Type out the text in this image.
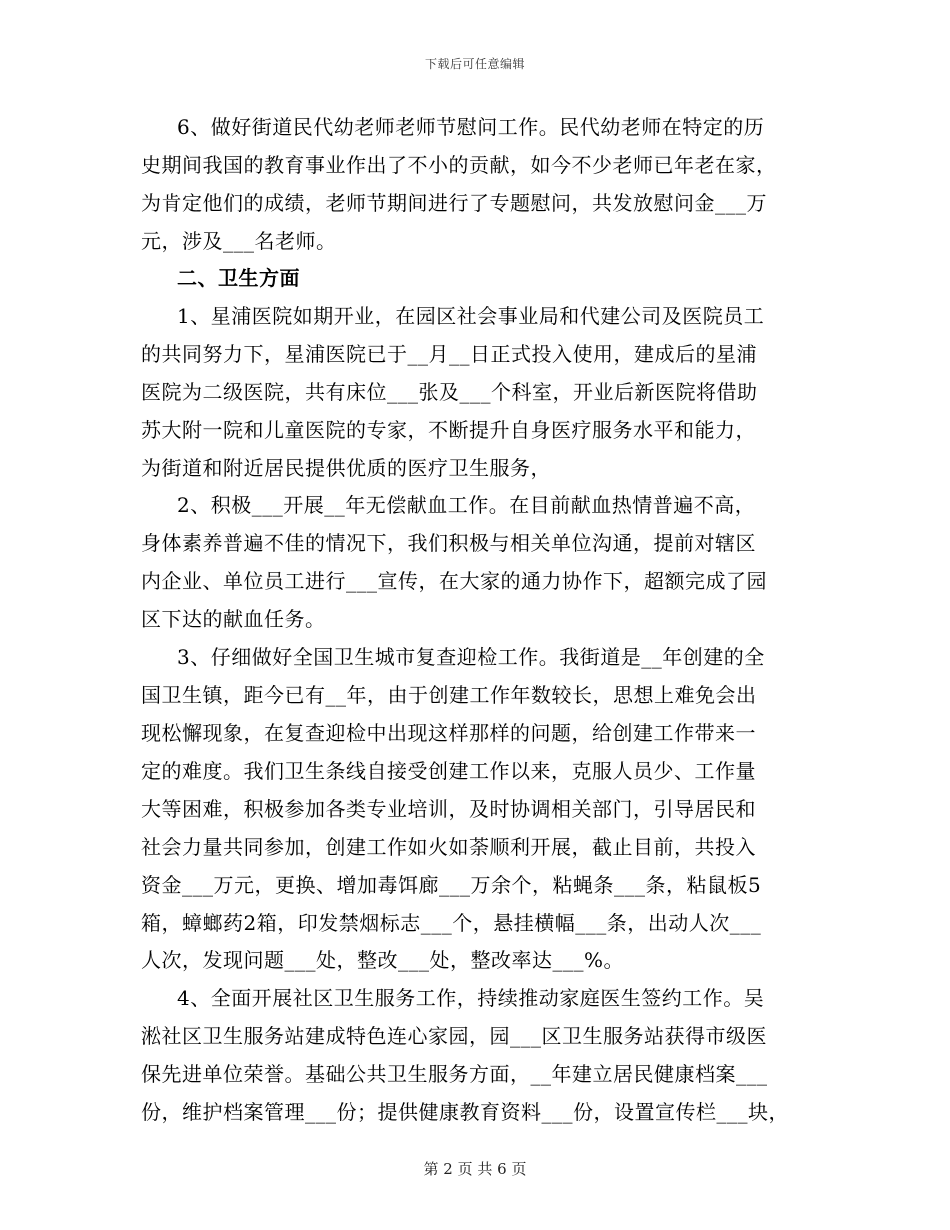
下载后可任意编辑
6、做好街道民代幼老师老师节慰问工作。民代幼老师在特定的历
史期间我国的教育事业作出了不小的贡献，如今不少老师已年老在家，
为肯定他们的成绩，老师节期间进行了专题慰问，共发放慰问金___万
元，涉及___名老师。
二、卫生方面
1、星浦医院如期开业，在园区社会事业局和代建公司及医院员工
的共同努力下，星浦医院已于__月__日正式投入使用，建成后的星浦
医院为二级医院，共有床位___张及___个科室，开业后新医院将借助
苏大附一院和儿童医院的专家，不断提升自身医疗服务水平和能力，
为街道和附近居民提供优质的医疗卫生服务，
2、积极___开展__年无偿献血工作。在目前献血热情普遍不高，
身体素养普遍不佳的情况下，我们积极与相关单位沟通，提前对辖区
内企业、单位员工进行___宣传，在大家的通力协作下，超额完成了园
区下达的献血任务。
3、仔细做好全国卫生城市复查迎检工作。我街道是__年创建的全
国卫生镇，距今已有__年，由于创建工作年数较长，思想上难免会出
现松懈现象，在复查迎检中出现这样那样的问题，给创建工作带来一
定的难度。我们卫生条线自接受创建工作以来，克服人员少、工作量
大等困难，积极参加各类专业培训，及时协调相关部门，引导居民和
社会力量共同参加，创建工作如火如荼顺利开展，截止目前，共投入
资金___万元，更换、增加毒饵廊___万余个，粘蝇条___条，粘鼠板5
箱，蟑螂药2箱，印发禁烟标志___个，悬挂横幅___条，出动人次___
人次，发现问题___处，整改___处，整改率达___%。
4、全面开展社区卫生服务工作，持续推动家庭医生签约工作。吴
淞社区卫生服务站建成特色连心家园，园___区卫生服务站获得市级医
保先进单位荣誉。基础公共卫生服务方面，__年建立居民健康档案___
份，维护档案管理___份；提供健康教育资料___份，设置宣传栏___块，
第 2 页 共 6 页
